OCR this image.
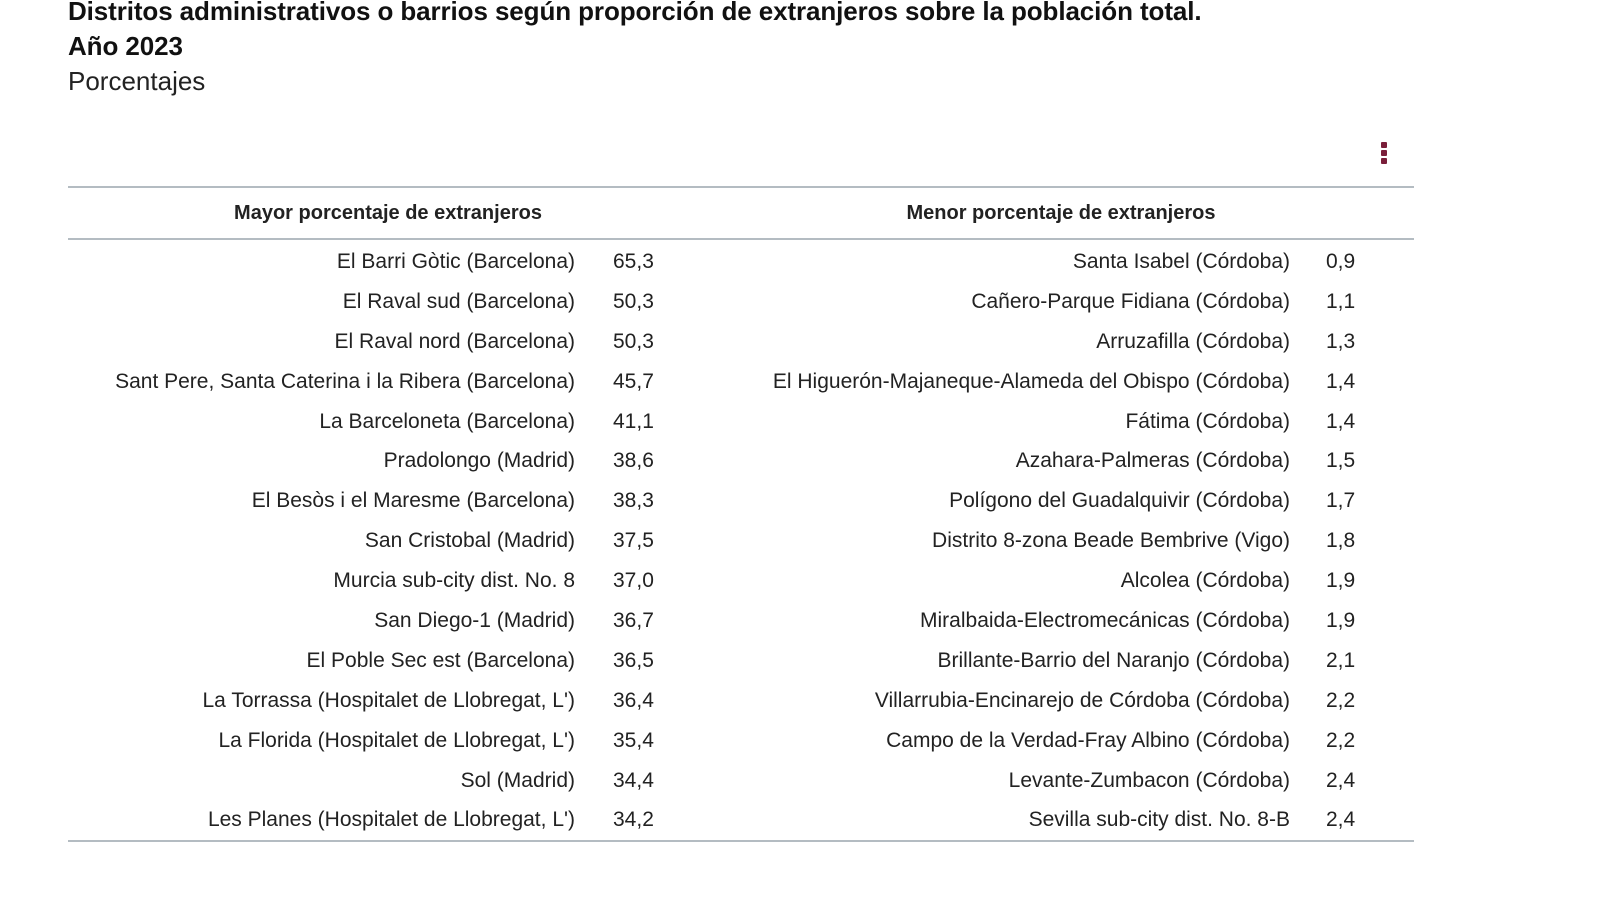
Distritos administrativos o barrios según proporción de extranjeros sobre la población total.

Año 2023

Porcentajes

Mayor porcentaje de extranjeros		Menor porcentaje de extranjeros	
El Barri Gòtic (Barcelona)	65,3	Santa Isabel (Córdoba)	0,9
El Raval sud (Barcelona)	50,3	Cañero-Parque Fidiana (Córdoba)	1,1
El Raval nord (Barcelona)	50,3	Arruzafilla (Córdoba)	1,3
Sant Pere, Santa Caterina i la Ribera (Barcelona)	45,7	El Higuerón-Majaneque-Alameda del Obispo (Córdoba)	1,4
La Barceloneta (Barcelona)	41,1	Fátima (Córdoba)	1,4
Pradolongo (Madrid)	38,6	Azahara-Palmeras (Córdoba)	1,5
El Besòs i el Maresme (Barcelona)	38,3	Polígono del Guadalquivir (Córdoba)	1,7
San Cristobal (Madrid)	37,5	Distrito 8-zona Beade Bembrive (Vigo)	1,8
Murcia sub-city dist. No. 8	37,0	Alcolea (Córdoba)	1,9
San Diego-1 (Madrid)	36,7	Miralbaida-Electromecánicas (Córdoba)	1,9
El Poble Sec est (Barcelona)	36,5	Brillante-Barrio del Naranjo (Córdoba)	2,1
La Torrassa (Hospitalet de Llobregat, L')	36,4	Villarrubia-Encinarejo de Córdoba (Córdoba)	2,2
La Florida (Hospitalet de Llobregat, L')	35,4	Campo de la Verdad-Fray Albino (Córdoba)	2,2
Sol (Madrid)	34,4	Levante-Zumbacon (Córdoba)	2,4
Les Planes (Hospitalet de Llobregat, L')	34,2	Sevilla sub-city dist. No. 8-B	2,4
